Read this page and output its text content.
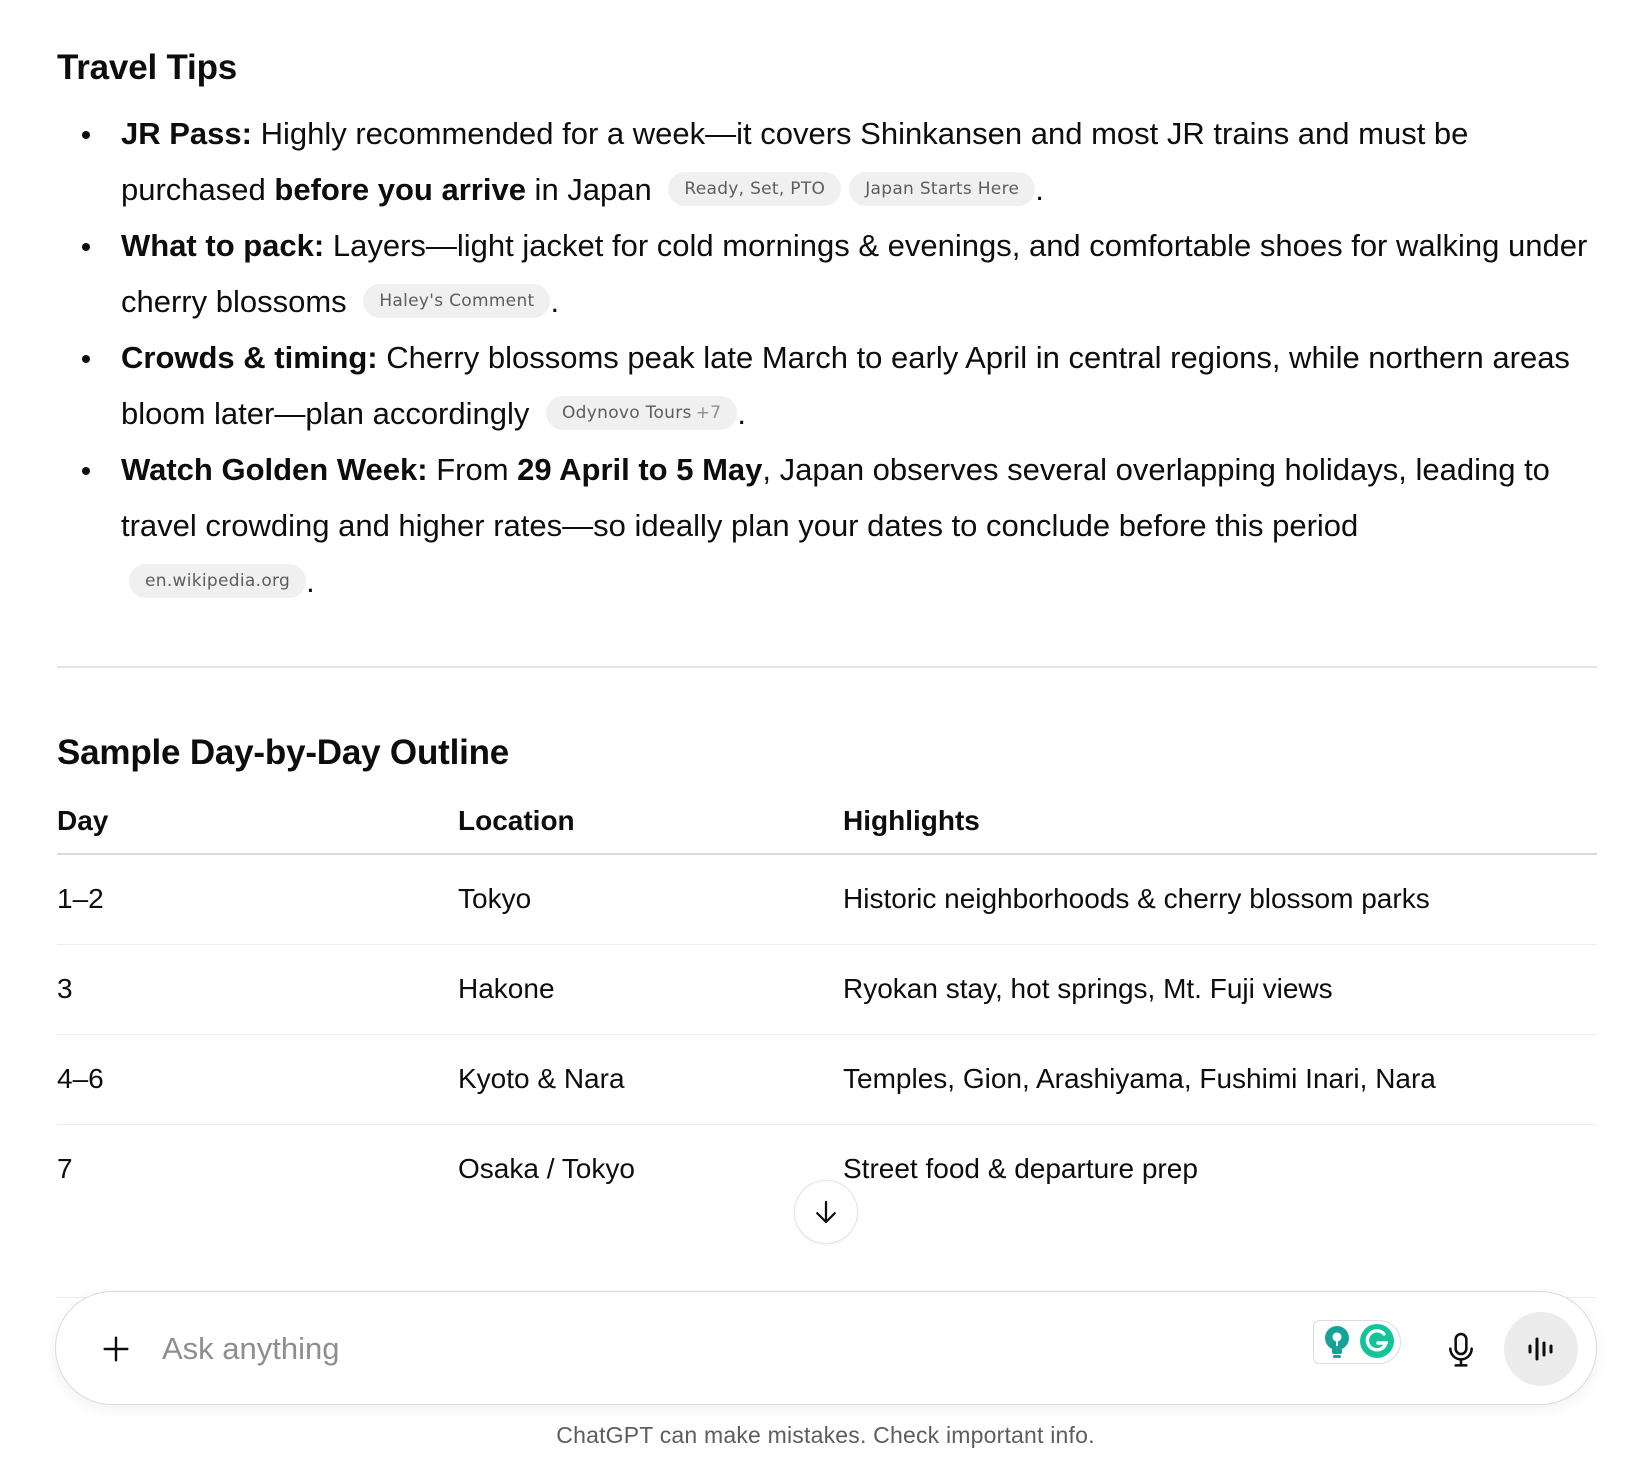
Travel Tips
JR Pass: Highly recommended for a week—it covers Shinkansen and most JR trains and must be purchased before you arrive in Japan Ready, Set, PTO Japan Starts Here .
What to pack: Layers—light jacket for cold mornings & evenings, and comfortable shoes for walking under cherry blossoms Haley's Comment .
Crowds & timing: Cherry blossoms peak late March to early April in central regions, while northern areas bloom later—plan accordingly Odynovo Tours +7 .
Watch Golden Week: From 29 April to 5 May, Japan observes several overlapping holidays, leading to travel crowding and higher rates—so ideally plan your dates to conclude before this period
en.wikipedia.org .
Sample Day-by-Day Outline
Day	Location	Highlights
1–2	Tokyo	Historic neighborhoods & cherry blossom parks
3	Hakone	Ryokan stay, hot springs, Mt. Fuji views
4–6	Kyoto & Nara	Temples, Gion, Arashiyama, Fushimi Inari, Nara
7	Osaka / Tokyo	Street food & departure prep
Ask anything
ChatGPT can make mistakes. Check important info.
